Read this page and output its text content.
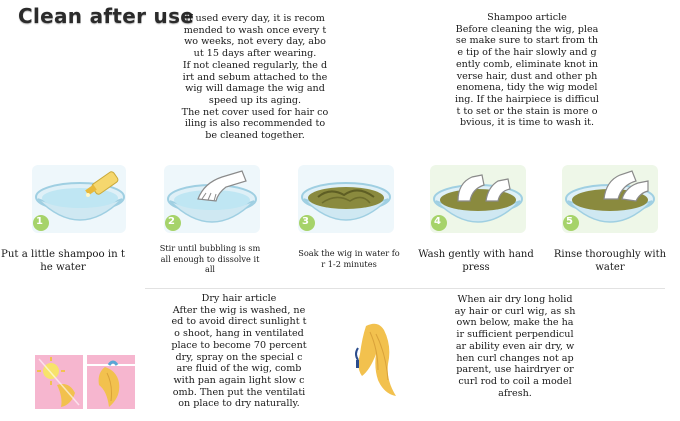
Clean after use
If used every day, it is recom
mended to wash once every t
wo weeks, not every day, abo
ut 15 days after wearing.
If not cleaned regularly, the d
irt and sebum attached to the
wig will damage the wig and
speed up its aging.
The net cover used for hair co
iling is also recommended to
be cleaned together.
Shampoo article
Before cleaning the wig, plea
se make sure to start from th
e tip of the hair slowly and g
ently comb, eliminate knot in
verse hair, dust and other ph
enomena, tidy the wig model
ing. If the hairpiece is difficul
t to set or the stain is more o
bvious, it is time to wash it.
1	2	3	4	5
Put a little shampoo in t
he water
Stir until bubbling is sm
all enough to dissolve it
all
Soak the wig in water fo
r 1-2 minutes
Wash gently with hand
press
Rinse thoroughly with
water
Dry hair article
After the wig is washed, ne
ed to avoid direct sunlight t
o shoot, hang in ventilated
place to become 70 percent
dry, spray on the special c
are fluid of the wig, comb
with pan again light slow c
omb. Then put the ventilati
on place to dry naturally.
When air dry long holid
ay hair or curl wig, as sh
own below, make the ha
ir sufficient perpendicul
ar ability even air dry, w
hen curl changes not ap
parent, use hairdryer or
curl rod to coil a model
afresh.
